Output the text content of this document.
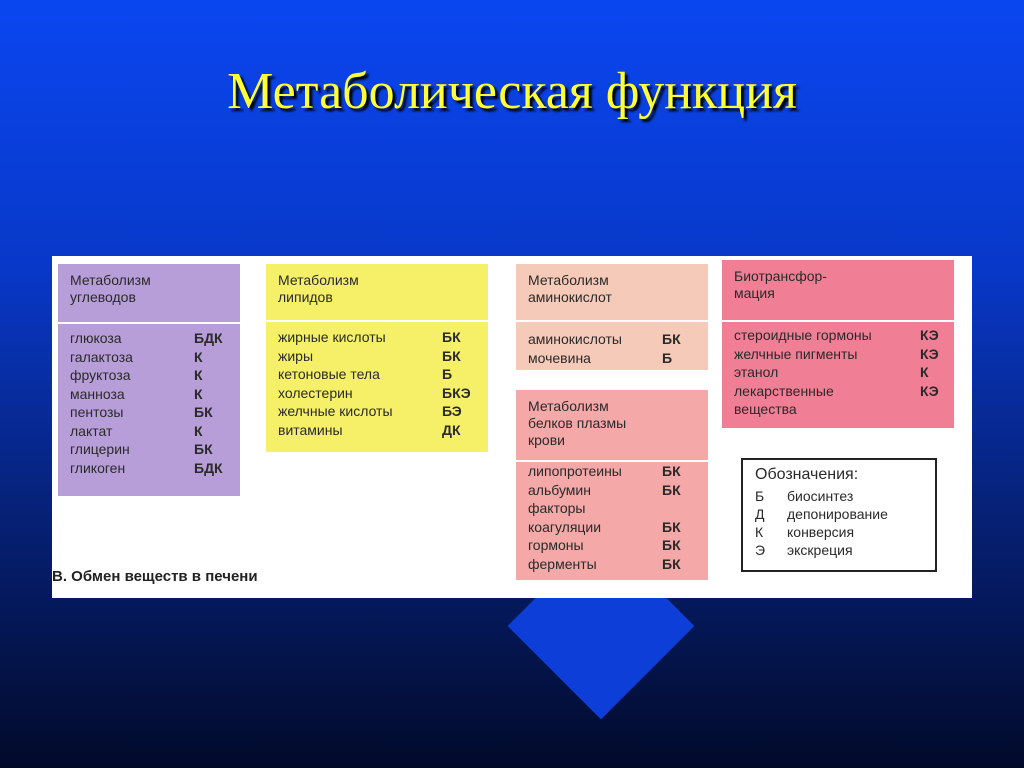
Метаболическая функция
Метаболизм
углеводов
глюкоза	БДК
галактоза	К
фруктоза	К
манноза	К
пентозы	БК
лактат	К
глицерин	БК
гликоген	БДК
Метаболизм
липидов
жирные кислоты	БК
жиры	БК
кетоновые тела	Б
холестерин	БКЭ
желчные кислоты	БЭ
витамины	ДК
Метаболизм
аминокислот
аминокислоты	БК
мочевина	Б
Метаболизм
белков плазмы
крови
липопротеины	БК
альбумин	БК
факторы
коагуляции	БК
гормоны	БК
ферменты	БК
Биотрансфор-
мация
стероидные гормоны	КЭ
желчные пигменты	КЭ
этанол	К
лекарственные	КЭ
вещества
Обозначения:
Б	биосинтез
Д	депонирование
К	конверсия
Э	экскреция
В. Обмен веществ в печени
